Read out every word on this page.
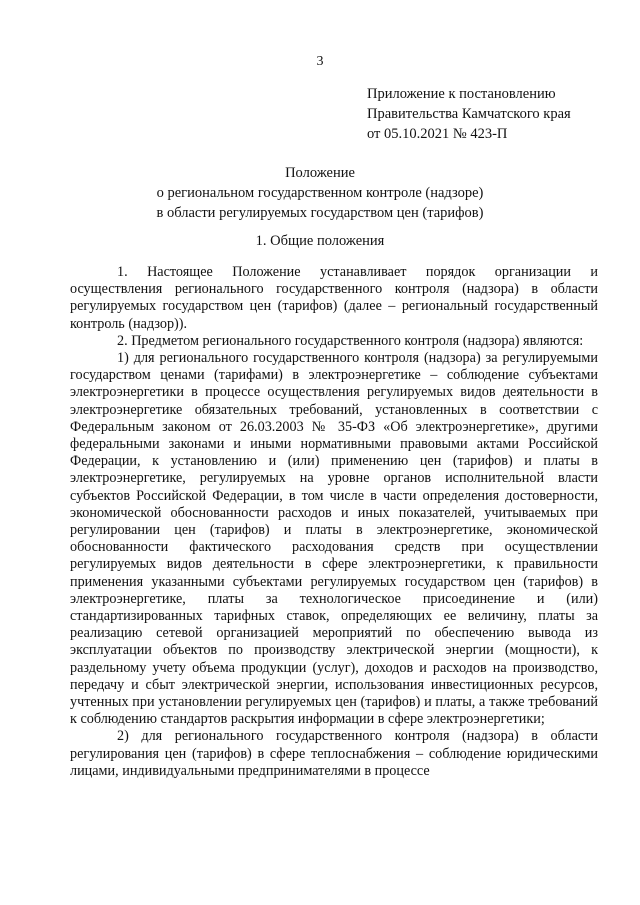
3
Приложение к постановлению
Правительства Камчатского края
от 05.10.2021 № 423-П
Положение
о региональном государственном контроле (надзоре)
в области регулируемых государством цен (тарифов)
1. Общие положения

1. Настоящее Положение устанавливает порядок организации и осуществления регионального государственного контроля (надзора) в области регулируемых государством цен (тарифов) (далее – региональный государственный контроль (надзор)).

2. Предметом регионального государственного контроля (надзора) являются:

1) для регионального государственного контроля (надзора) за регулируемыми государством ценами (тарифами) в электроэнергетике – соблюдение субъектами электроэнергетики в процессе осуществления регулируемых видов деятельности в электроэнергетике обязательных требований, установленных в соответствии с Федеральным законом от 26.03.2003 № 35-ФЗ «Об электроэнергетике», другими федеральными законами и иными нормативными правовыми актами Российской Федерации, к установлению и (или) применению цен (тарифов) и платы в электроэнергетике, регулируемых на уровне органов исполнительной власти субъектов Российской Федерации, в том числе в части определения достоверности, экономической обоснованности расходов и иных показателей, учитываемых при регулировании цен (тарифов) и платы в электроэнергетике, экономической обоснованности фактического расходования средств при осуществлении регулируемых видов деятельности в сфере электроэнергетики, к правильности применения указанными субъектами регулируемых государством цен (тарифов) в электроэнергетике, платы за технологическое присоединение и (или) стандартизированных тарифных ставок, определяющих ее величину, платы за реализацию сетевой организацией мероприятий по обеспечению вывода из эксплуатации объектов по производству электрической энергии (мощности), к раздельному учету объема продукции (услуг), доходов и расходов на производство, передачу и сбыт электрической энергии, использования инвестиционных ресурсов, учтенных при установлении регулируемых цен (тарифов) и платы, а также требований к соблюдению стандартов раскрытия информации в сфере электроэнергетики;

2) для регионального государственного контроля (надзора) в области регулирования цен (тарифов) в сфере теплоснабжения – соблюдение юридическими лицами, индивидуальными предпринимателями в процессе
